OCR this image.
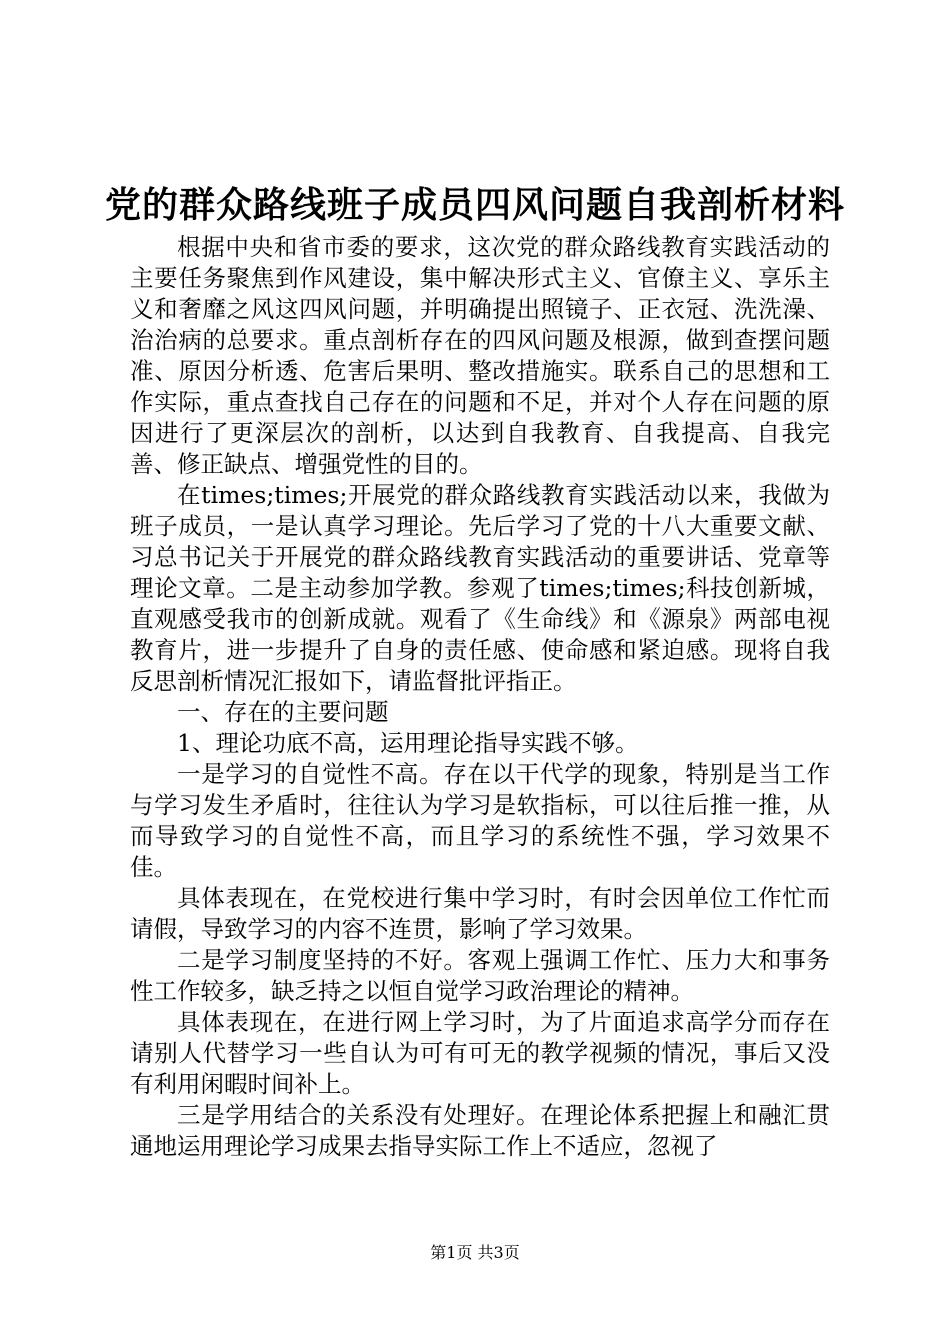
党的群众路线班子成员四风问题自我剖析材料

根据中央和省市委的要求，这次党的群众路线教育实践活动的主要任务聚焦到作风建设，集中解决形式主义、官僚主义、享乐主义和奢靡之风这四风问题，并明确提出照镜子、正衣冠、洗洗澡、治治病的总要求。重点剖析存在的四风问题及根源，做到查摆问题准、原因分析透、危害后果明、整改措施实。联系自己的思想和工作实际，重点查找自己存在的问题和不足，并对个人存在问题的原因进行了更深层次的剖析，以达到自我教育、自我提高、自我完善、修正缺点、增强党性的目的。

在times;times;开展党的群众路线教育实践活动以来，我做为班子成员，一是认真学习理论。先后学习了党的十八大重要文献、习总书记关于开展党的群众路线教育实践活动的重要讲话、党章等理论文章。二是主动参加学教。参观了times;times;科技创新城，直观感受我市的创新成就。观看了《生命线》和《源泉》两部电视教育片，进一步提升了自身的责任感、使命感和紧迫感。现将自我反思剖析情况汇报如下，请监督批评指正。

一、存在的主要问题

1、理论功底不高，运用理论指导实践不够。

一是学习的自觉性不高。存在以干代学的现象，特别是当工作与学习发生矛盾时，往往认为学习是软指标，可以往后推一推，从而导致学习的自觉性不高，而且学习的系统性不强，学习效果不佳。

具体表现在，在党校进行集中学习时，有时会因单位工作忙而请假，导致学习的内容不连贯，影响了学习效果。

二是学习制度坚持的不好。客观上强调工作忙、压力大和事务性工作较多，缺乏持之以恒自觉学习政治理论的精神。

具体表现在，在进行网上学习时，为了片面追求高学分而存在请别人代替学习一些自认为可有可无的教学视频的情况，事后又没有利用闲暇时间补上。

三是学用结合的关系没有处理好。在理论体系把握上和融汇贯通地运用理论学习成果去指导实际工作上不适应，忽视了

第1页 共3页
